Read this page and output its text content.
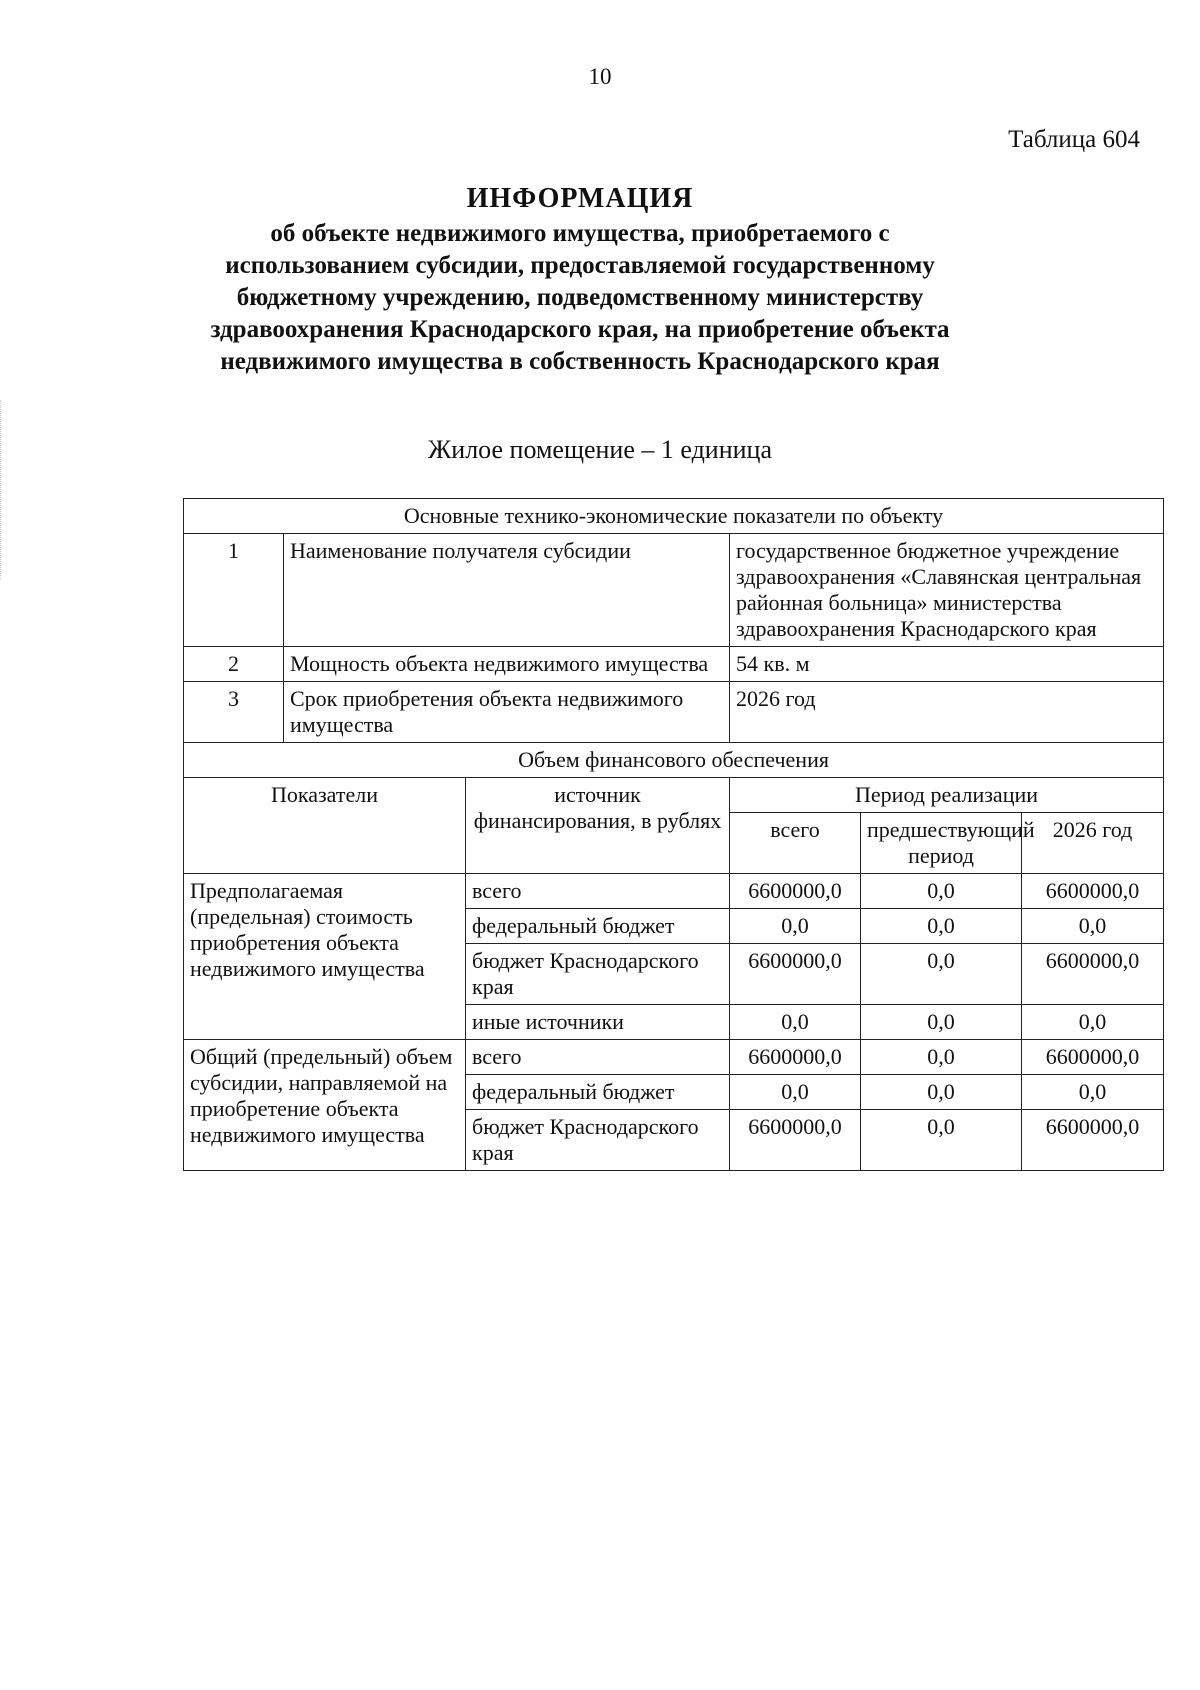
10
Таблица 604
ИНФОРМАЦИЯ
об объекте недвижимого имущества, приобретаемого с использованием субсидии, предоставляемой государственному бюджетному учреждению, подведомственному министерству здравоохранения Краснодарского края, на приобретение объекта недвижимого имущества в собственность Краснодарского края
Жилое помещение – 1 единица
Основные технико-экономические показатели по объекту					
1	Наименование получателя субсидии		государственное бюджетное учреждение здравоохранения «Славянская центральная районная больница» министерства здравоохранения Краснодарского края		
2	Мощность объекта недвижимого имущества		54 кв. м		
3	Срок приобретения объекта недвижимого имущества		2026 год		
Объем финансового обеспечения					
Показатели		источник финансирования, в рублях	Период реализации		
			всего	предшествующий период	2026 год
Предполагаемая (предельная) стоимость приобретения объекта недвижимого имущества		всего	6600000,0	0,0	6600000,0
		федеральный бюджет	0,0	0,0	0,0
		бюджет Краснодарского края	6600000,0	0,0	6600000,0
		иные источники	0,0	0,0	0,0
Общий (предельный) объем субсидии, направляемой на приобретение объекта недвижимого имущества		всего	6600000,0	0,0	6600000,0
		федеральный бюджет	0,0	0,0	0,0
		бюджет Краснодарского края	6600000,0	0,0	6600000,0
